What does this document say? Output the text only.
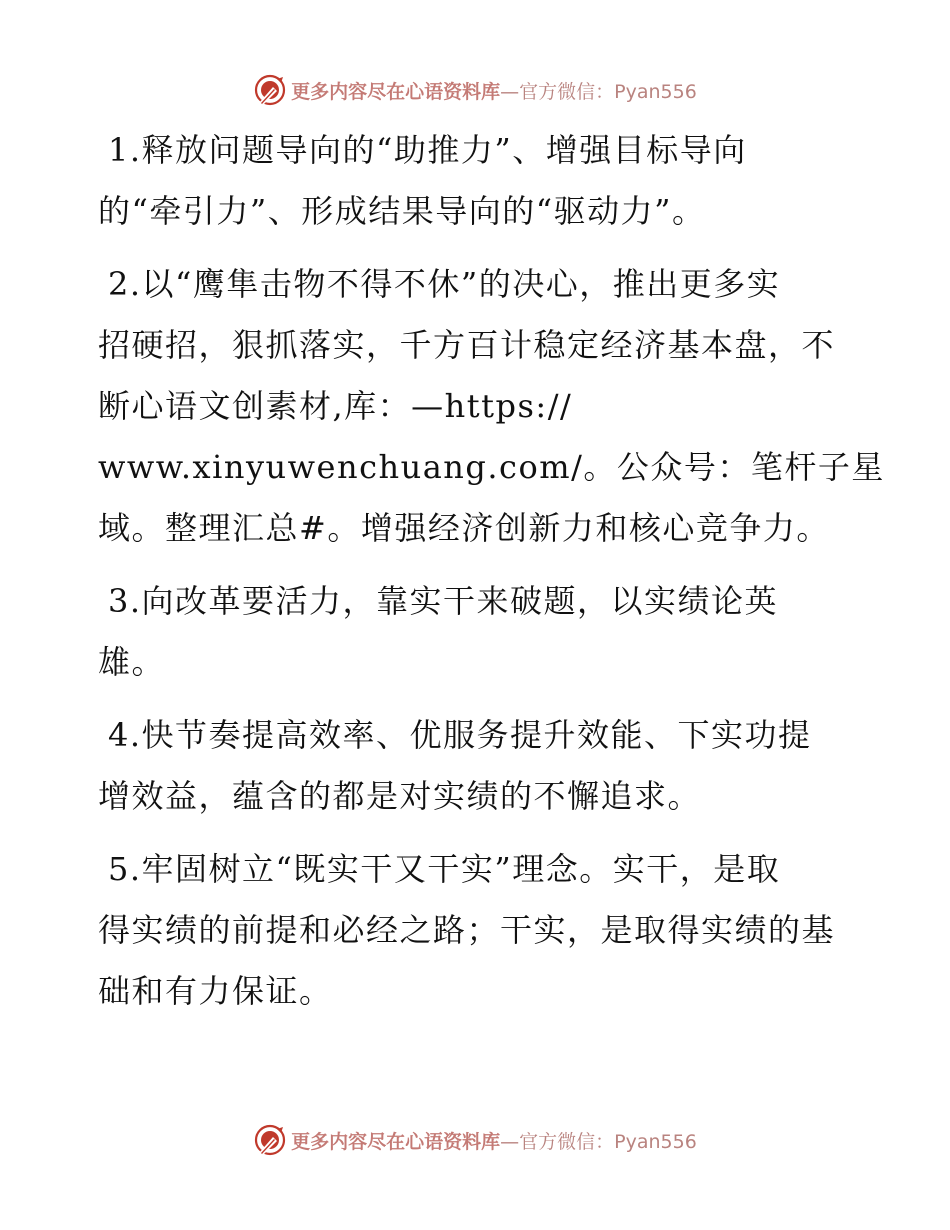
更多内容尽在心语资料库—官方微信：Pyan556
1.释放问题导向的“助推力”、增强目标导向
的“牵引力”、形成结果导向的“驱动力”。
2.以“鹰隼击物不得不休”的决心，推出更多实
招硬招，狠抓落实，千方百计稳定经济基本盘，不
断心语文创素材,库：—https://
www.xinyuwenchuang.com/。公众号：笔杆子星
域。整理汇总#。增强经济创新力和核心竞争力。
3.向改革要活力，靠实干来破题，以实绩论英
雄。
4.快节奏提高效率、优服务提升效能、下实功提
增效益，蕴含的都是对实绩的不懈追求。
5.牢固树立“既实干又干实”理念。实干，是取
得实绩的前提和必经之路；干实，是取得实绩的基
础和有力保证。
更多内容尽在心语资料库—官方微信：Pyan556
